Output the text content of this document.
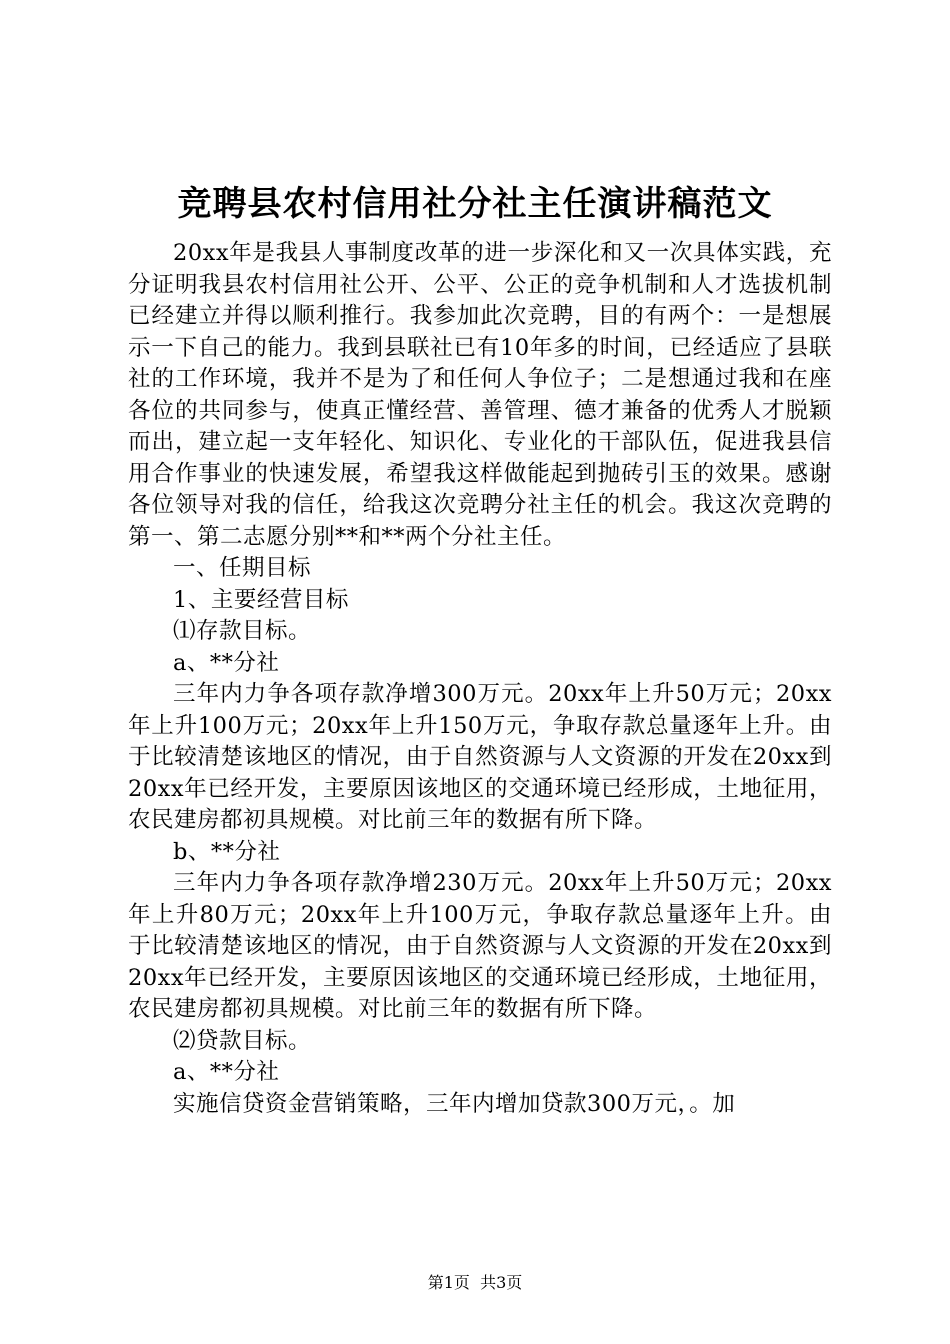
竞聘县农村信用社分社主任演讲稿范文

20xx年是我县人事制度改革的进一步深化和又一次具体实践，充分证明我县农村信用社公开、公平、公正的竞争机制和人才选拔机制已经建立并得以顺利推行。我参加此次竞聘，目的有两个：一是想展示一下自己的能力。我到县联社已有10年多的时间，已经适应了县联社的工作环境，我并不是为了和任何人争位子；二是想通过我和在座各位的共同参与，使真正懂经营、善管理、德才兼备的优秀人才脱颖而出，建立起一支年轻化、知识化、专业化的干部队伍，促进我县信用合作事业的快速发展，希望我这样做能起到抛砖引玉的效果。感谢各位领导对我的信任，给我这次竞聘分社主任的机会。我这次竞聘的第一、第二志愿分别**和**两个分社主任。

一、任期目标

1、主要经营目标

⑴存款目标。

a、**分社

三年内力争各项存款净增300万元。20xx年上升50万元；20xx年上升100万元；20xx年上升150万元，争取存款总量逐年上升。由于比较清楚该地区的情况，由于自然资源与人文资源的开发在20xx到20xx年已经开发，主要原因该地区的交通环境已经形成，土地征用，农民建房都初具规模。对比前三年的数据有所下降。

b、**分社

三年内力争各项存款净增230万元。20xx年上升50万元；20xx年上升80万元；20xx年上升100万元，争取存款总量逐年上升。由于比较清楚该地区的情况，由于自然资源与人文资源的开发在20xx到20xx年已经开发，主要原因该地区的交通环境已经形成，土地征用，农民建房都初具规模。对比前三年的数据有所下降。

⑵贷款目标。

a、**分社

实施信贷资金营销策略，三年内增加贷款300万元，。加

第1页 共3页
